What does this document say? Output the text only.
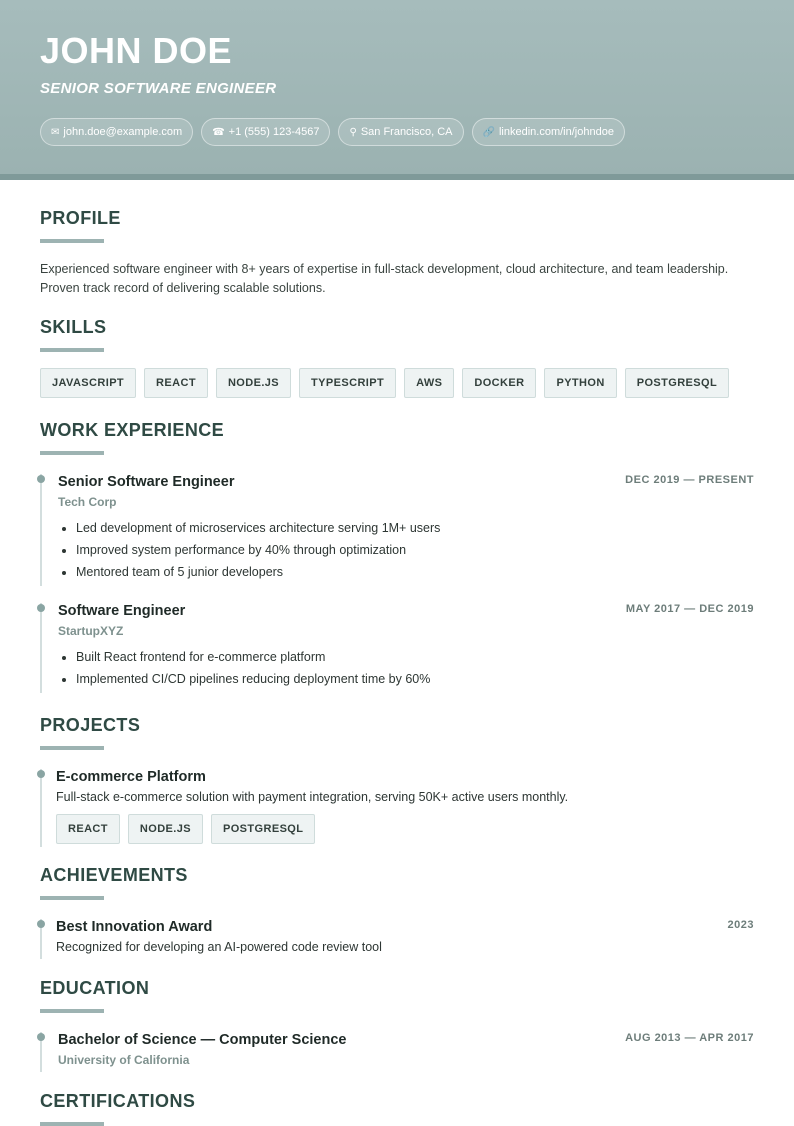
JOHN DOE
SENIOR SOFTWARE ENGINEER
✉ john.doe@example.com	☎ +1 (555) 123-4567	⚲ San Francisco, CA	🔗 linkedin.com/in/johndoe
PROFILE

Experienced software engineer with 8+ years of expertise in full-stack development, cloud architecture, and team leadership. Proven track record of delivering scalable solutions.

SKILLS
JAVASCRIPT	REACT	NODE.JS	TYPESCRIPT	AWS	DOCKER	PYTHON	POSTGRESQL
WORK EXPERIENCE
Senior Software Engineer
Tech Corp
DEC 2019 — PRESENT
• Led development of microservices architecture serving 1M+ users
• Improved system performance by 40% through optimization
• Mentored team of 5 junior developers
Software Engineer
StartupXYZ
MAY 2017 — DEC 2019
• Built React frontend for e-commerce platform
• Implemented CI/CD pipelines reducing deployment time by 60%
PROJECTS
E-commerce Platform
Full-stack e-commerce solution with payment integration, serving 50K+ active users monthly.
REACT	NODE.JS	POSTGRESQL
ACHIEVEMENTS
Best Innovation Award
Recognized for developing an AI-powered code review tool
2023
EDUCATION
Bachelor of Science — Computer Science
University of California
AUG 2013 — APR 2017
CERTIFICATIONS
